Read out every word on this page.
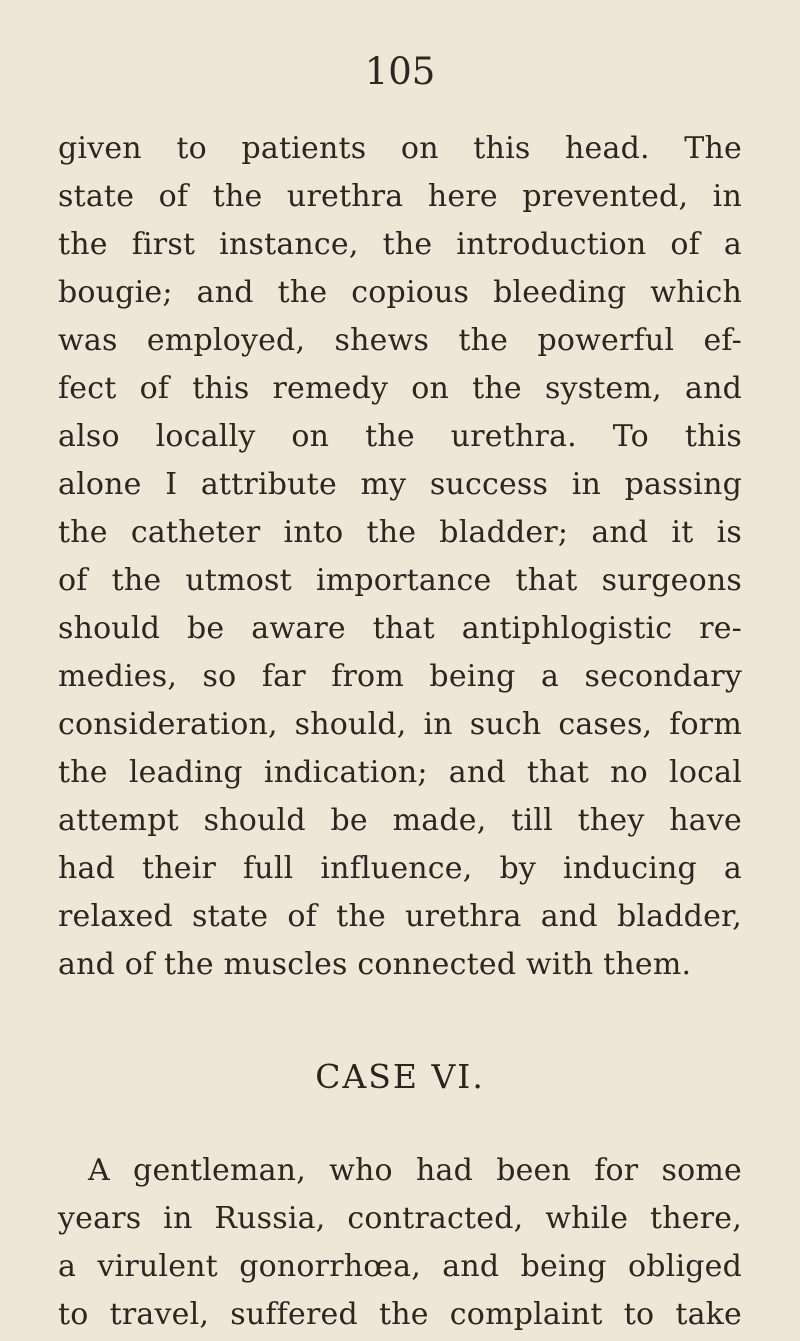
105
given to patients on this head. The
state of the urethra here prevented, in
the first instance, the introduction of a
bougie; and the copious bleeding which
was employed, shews the powerful ef-
fect of this remedy on the system, and
also locally on the urethra. To this
alone I attribute my success in passing
the catheter into the bladder; and it is
of the utmost importance that surgeons
should be aware that antiphlogistic re-
medies, so far from being a secondary
consideration, should, in such cases, form
the leading indication; and that no local
attempt should be made, till they have
had their full influence, by inducing a
relaxed state of the urethra and bladder,
and of the muscles connected with them.
CASE VI.
A gentleman, who had been for some
years in Russia, contracted, while there,
a virulent gonorrhœa, and being obliged
to travel, suffered the complaint to take
